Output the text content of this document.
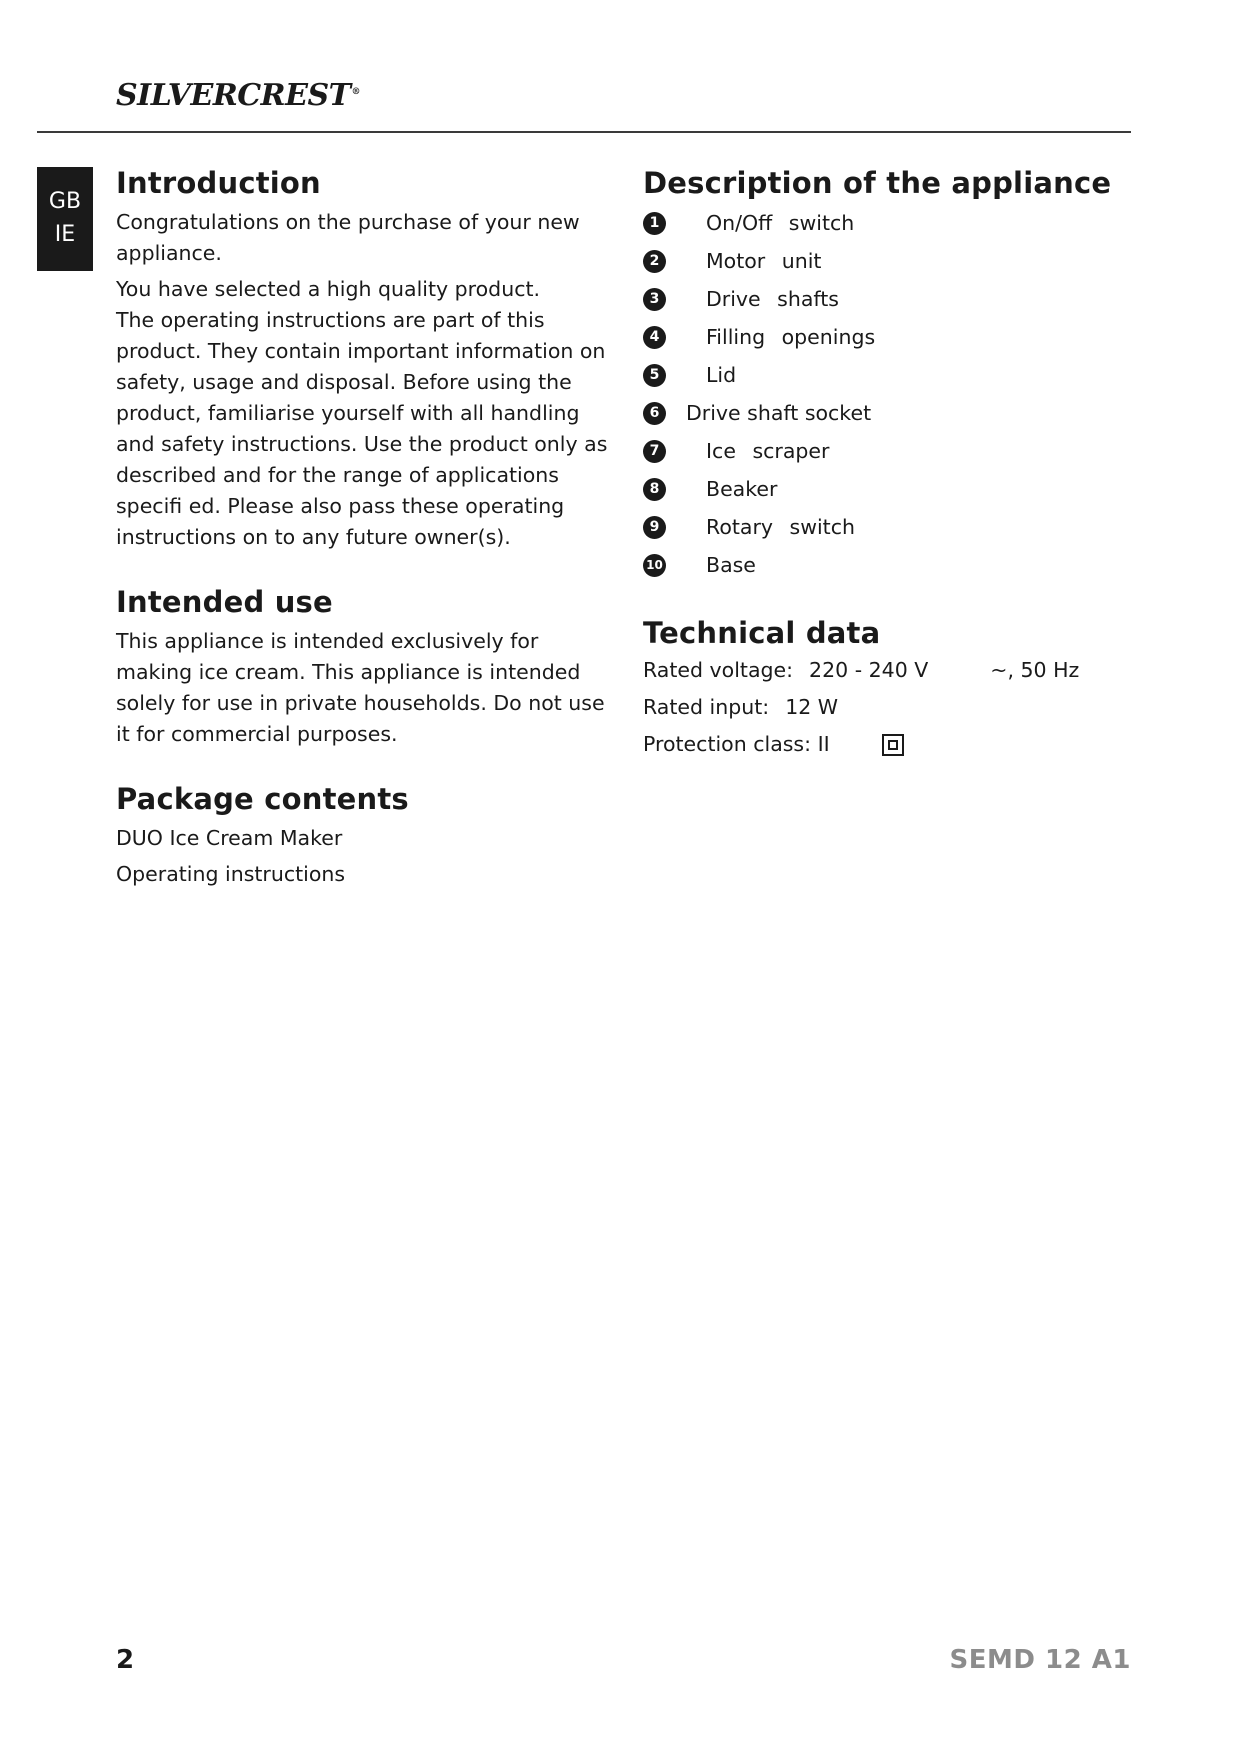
SILVERCREST®
GB
IE
Introduction

Congratulations on the purchase of your new appliance.

You have selected a high quality product.

The operating instructions are part of this product. They contain important information on safety, usage and disposal. Before using the product, familiarise yourself with all handling and safety instructions. Use the product only as described and for the range of applications specifi ed. Please also pass these operating instructions on to any future owner(s).

Intended use

This appliance is intended exclusively for making ice cream. This appliance is intended solely for use in private households. Do not use it for commercial purposes.

Package contents

DUO Ice Cream Maker

Operating instructions

Description of the appliance
1	On/Off switch
2	Motor unit
3	Drive shafts
4	Filling openings
5	Lid
6	Drive shaft socket
7	Ice scraper
8	Beaker
9	Rotary switch
10 Base
Technical data

Rated voltage: 220 - 240 V	~, 50 Hz

Rated input: 12 W

Protection class: II

2	SEMD 12 A1
